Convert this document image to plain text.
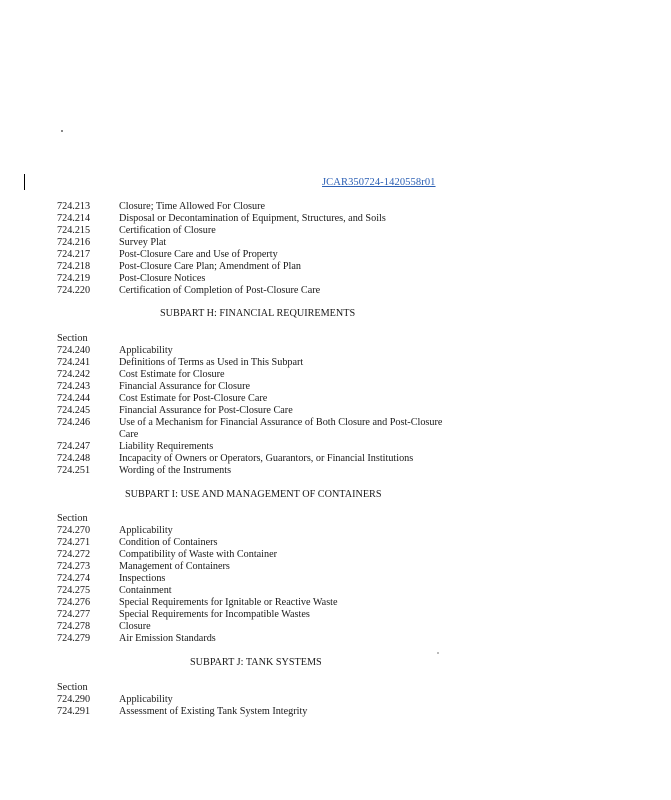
JCAR350724-1420558r01
724.213	Closure; Time Allowed For Closure
724.214	Disposal or Decontamination of Equipment, Structures, and Soils
724.215	Certification of Closure
724.216	Survey Plat
724.217	Post-Closure Care and Use of Property
724.218	Post-Closure Care Plan; Amendment of Plan
724.219	Post-Closure Notices
724.220	Certification of Completion of Post-Closure Care
SUBPART H: FINANCIAL REQUIREMENTS
Section
724.240	Applicability
724.241	Definitions of Terms as Used in This Subpart
724.242	Cost Estimate for Closure
724.243	Financial Assurance for Closure
724.244	Cost Estimate for Post-Closure Care
724.245	Financial Assurance for Post-Closure Care
724.246	Use of a Mechanism for Financial Assurance of Both Closure and Post-Closure
Care
724.247	Liability Requirements
724.248	Incapacity of Owners or Operators, Guarantors, or Financial Institutions
724.251	Wording of the Instruments
SUBPART I: USE AND MANAGEMENT OF CONTAINERS
Section
724.270	Applicability
724.271	Condition of Containers
724.272	Compatibility of Waste with Container
724.273	Management of Containers
724.274	Inspections
724.275	Containment
724.276	Special Requirements for Ignitable or Reactive Waste
724.277	Special Requirements for Incompatible Wastes
724.278	Closure
724.279	Air Emission Standards
SUBPART J: TANK SYSTEMS
Section
724.290	Applicability
724.291	Assessment of Existing Tank System Integrity
